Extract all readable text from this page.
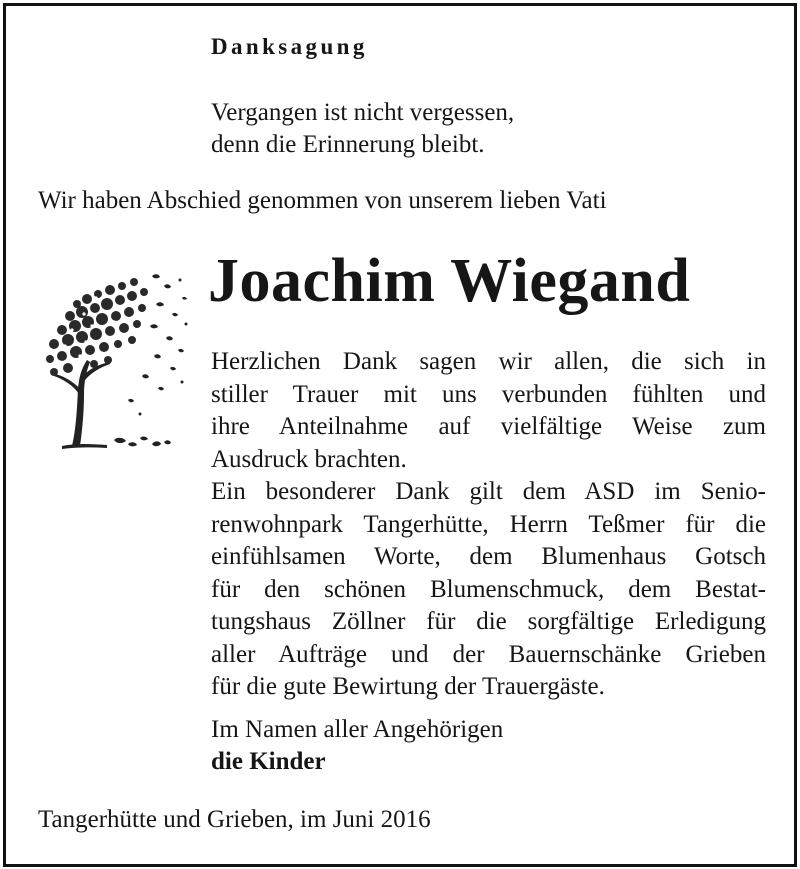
Danksagung
Vergangen ist nicht vergessen,
denn die Erinnerung bleibt.
Wir haben Abschied genommen von unserem lieben Vati
Joachim Wiegand
Herzlichen Dank sagen wir allen, die sich in
stiller Trauer mit uns verbunden fühlten und
ihre Anteilnahme auf vielfältige Weise zum
Ausdruck brachten.
Ein besonderer Dank gilt dem ASD im Senio-
renwohnpark Tangerhütte, Herrn Teßmer für die
einfühlsamen Worte, dem Blumenhaus Gotsch
für den schönen Blumenschmuck, dem Bestat-
tungshaus Zöllner für die sorgfältige Erledigung
aller Aufträge und der Bauernschänke Grieben
für die gute Bewirtung der Trauergäste.
Im Namen aller Angehörigen
die Kinder
Tangerhütte und Grieben, im Juni 2016
